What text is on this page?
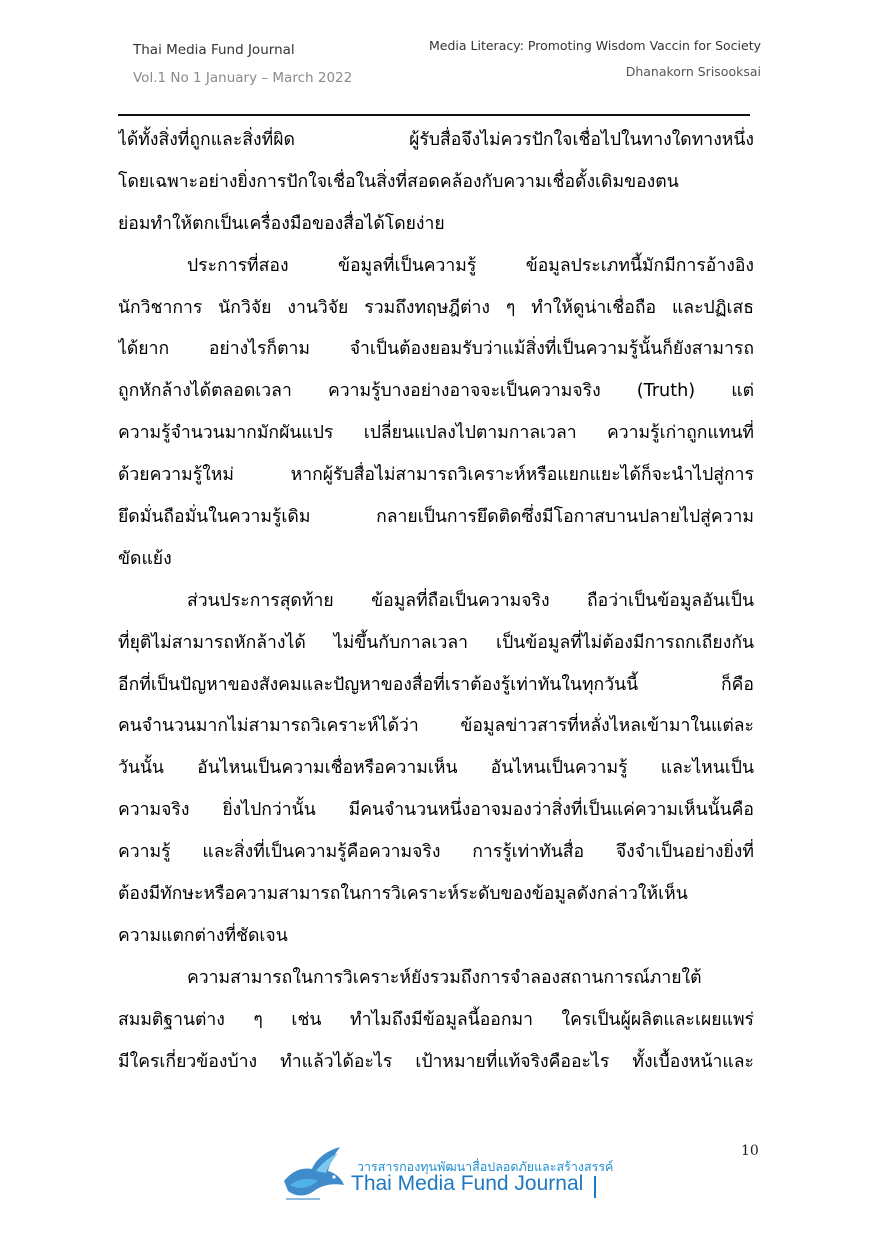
Thai Media Fund Journal
Vol.1 No 1 January – March 2022
Media Literacy: Promoting Wisdom Vaccin for Society
Dhanakorn Srisooksai
ได้ทั้งสิ่งที่ถูกและสิ่งที่ผิด ผู้รับสื่อจึงไม่ควรปักใจเชื่อไปในทางใดทางหนึ่ง
โดยเฉพาะอย่างยิ่งการปักใจเชื่อในสิ่งที่สอดคล้องกับความเชื่อดั้งเดิมของตน
ย่อมทำให้ตกเป็นเครื่องมือของสื่อได้โดยง่าย
ประการที่สอง ข้อมูลที่เป็นความรู้ ข้อมูลประเภทนี้มักมีการอ้างอิง
นักวิชาการ นักวิจัย งานวิจัย รวมถึงทฤษฎีต่าง ๆ ทำให้ดูน่าเชื่อถือ และปฏิเสธ
ได้ยาก อย่างไรก็ตาม จำเป็นต้องยอมรับว่าแม้สิ่งที่เป็นความรู้นั้นก็ยังสามารถ
ถูกหักล้างได้ตลอดเวลา ความรู้บางอย่างอาจจะเป็นความจริง (Truth) แต่
ความรู้จำนวนมากมักผันแปร เปลี่ยนแปลงไปตามกาลเวลา ความรู้เก่าถูกแทนที่
ด้วยความรู้ใหม่ หากผู้รับสื่อไม่สามารถวิเคราะห์หรือแยกแยะได้ก็จะนำไปสู่การ
ยึดมั่นถือมั่นในความรู้เดิม กลายเป็นการยึดติดซึ่งมีโอกาสบานปลายไปสู่ความ
ขัดแย้ง
ส่วนประการสุดท้าย ข้อมูลที่ถือเป็นความจริง ถือว่าเป็นข้อมูลอันเป็น
ที่ยุติไม่สามารถหักล้างได้ ไม่ขึ้นกับกาลเวลา เป็นข้อมูลที่ไม่ต้องมีการถกเถียงกัน
อีกที่เป็นปัญหาของสังคมและปัญหาของสื่อที่เราต้องรู้เท่าทันในทุกวันนี้ ก็คือ
คนจำนวนมากไม่สามารถวิเคราะห์ได้ว่า ข้อมูลข่าวสารที่หลั่งไหลเข้ามาในแต่ละ
วันนั้น อันไหนเป็นความเชื่อหรือความเห็น อันไหนเป็นความรู้ และไหนเป็น
ความจริง ยิ่งไปกว่านั้น มีคนจำนวนหนึ่งอาจมองว่าสิ่งที่เป็นแค่ความเห็นนั้นคือ
ความรู้ และสิ่งที่เป็นความรู้คือความจริง การรู้เท่าทันสื่อ จึงจำเป็นอย่างยิ่งที่
ต้องมีทักษะหรือความสามารถในการวิเคราะห์ระดับของข้อมูลดังกล่าวให้เห็น
ความแตกต่างที่ชัดเจน
ความสามารถในการวิเคราะห์ยังรวมถึงการจำลองสถานการณ์ภายใต้
สมมติฐานต่าง ๆ เช่น ทำไมถึงมีข้อมูลนี้ออกมา ใครเป็นผู้ผลิตและเผยแพร่
มีใครเกี่ยวข้องบ้าง ทำแล้วได้อะไร เป้าหมายที่แท้จริงคืออะไร ทั้งเบื้องหน้าและ
10
วารสารกองทุนพัฒนาสื่อปลอดภัยและสร้างสรรค์
Thai Media Fund Journal
